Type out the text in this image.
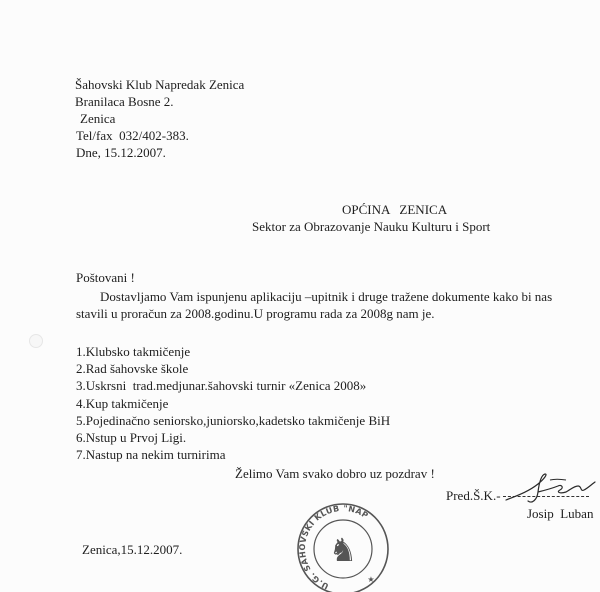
Šahovski Klub Napredak Zenica
Branilaca Bosne 2.
Zenica
Tel/fax  032/402-383.
Dne, 15.12.2007.
OPĆINA   ZENICA
Sektor za Obrazovanje Nauku Kulturu i Sport
Poštovani !
Dostavljamo Vam ispunjenu aplikaciju –upitnik i druge tražene dokumente kako bi nas
stavili u proračun za 2008.godinu.U programu rada za 2008g nam je.
1.Klubsko takmičenje
2.Rad šahovske škole
3.Uskrsni  trad.medjunar.šahovski turnir «Zenica 2008»
4.Kup takmičenje
5.Pojedinačno seniorsko,juniorsko,kadetsko takmičenje BiH
6.Nstup u Prvoj Ligi.
7.Nastup na nekim turnirima
Želimo Vam svako dobro uz pozdrav !
Pred.Š.K.-
Josip  Luban
U.G. ŠAHOVSKI KLUB "NAP
♞
★
Zenica,15.12.2007.
